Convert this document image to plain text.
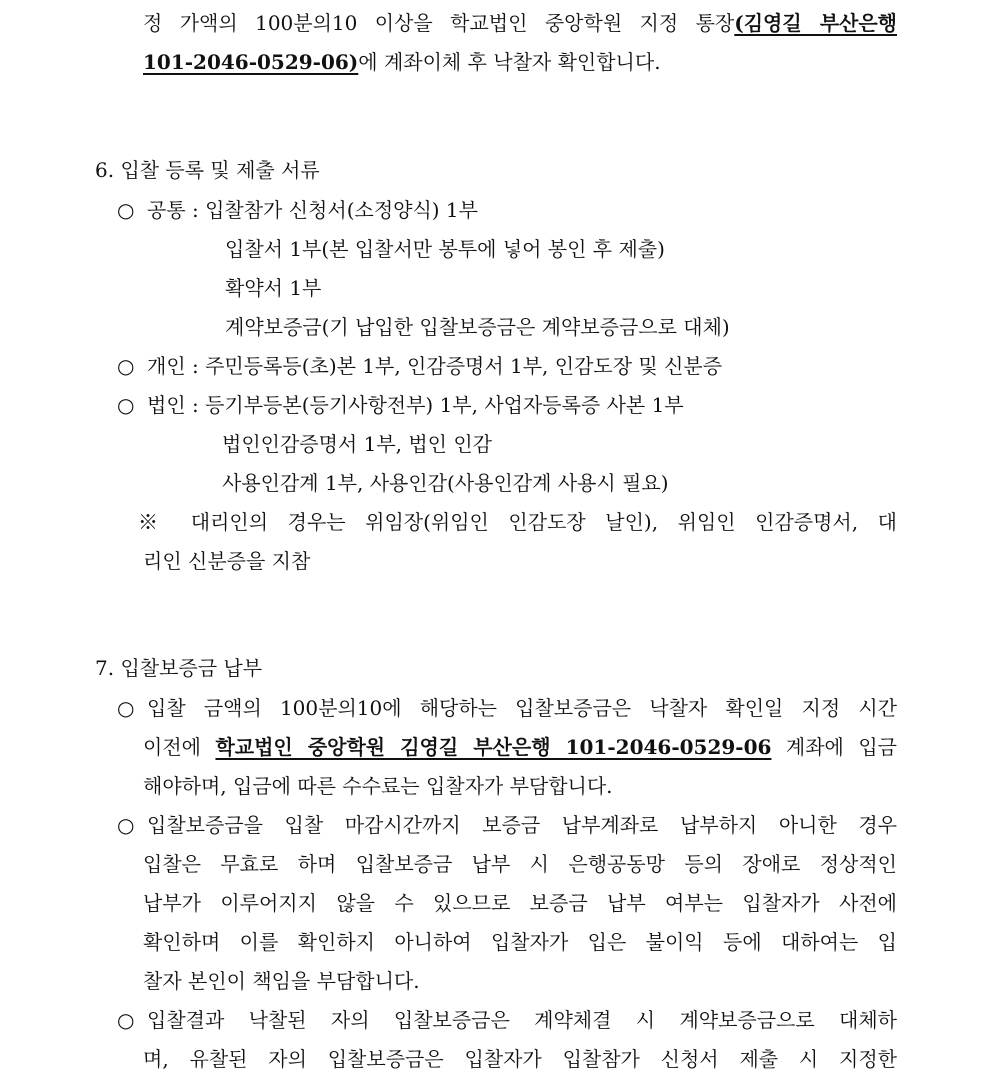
정 가액의 100분의10 이상을 학교법인 중앙학원 지정 통장(김영길 부산은행
101-2046-0529-06)에 계좌이체 후 낙찰자 확인합니다.
6. 입찰 등록 및 제출 서류
○ 공통 : 입찰참가 신청서(소정양식) 1부
입찰서 1부(본 입찰서만 봉투에 넣어 봉인 후 제출)
확약서 1부
계약보증금(기 납입한 입찰보증금은 계약보증금으로 대체)
○ 개인 : 주민등록등(초)본 1부, 인감증명서 1부, 인감도장 및 신분증
○ 법인 : 등기부등본(등기사항전부) 1부, 사업자등록증 사본 1부
법인인감증명서 1부, 법인 인감
사용인감계 1부, 사용인감(사용인감계 사용시 필요)
※ 대리인의 경우는 위임장(위임인 인감도장 날인), 위임인 인감증명서, 대
리인 신분증을 지참
7. 입찰보증금 납부
○ 입찰 금액의 100분의10에 해당하는 입찰보증금은 낙찰자 확인일 지정 시간
이전에 학교법인 중앙학원 김영길 부산은행 101-2046-0529-06 계좌에 입금
해야하며, 입금에 따른 수수료는 입찰자가 부담합니다.
○ 입찰보증금을 입찰 마감시간까지 보증금 납부계좌로 납부하지 아니한 경우
입찰은 무효로 하며 입찰보증금 납부 시 은행공동망 등의 장애로 정상적인
납부가 이루어지지 않을 수 있으므로 보증금 납부 여부는 입찰자가 사전에
확인하며 이를 확인하지 아니하여 입찰자가 입은 불이익 등에 대하여는 입
찰자 본인이 책임을 부담합니다.
○ 입찰결과 낙찰된 자의 입찰보증금은 계약체결 시 계약보증금으로 대체하
며, 유찰된 자의 입찰보증금은 입찰자가 입찰참가 신청서 제출 시 지정한
